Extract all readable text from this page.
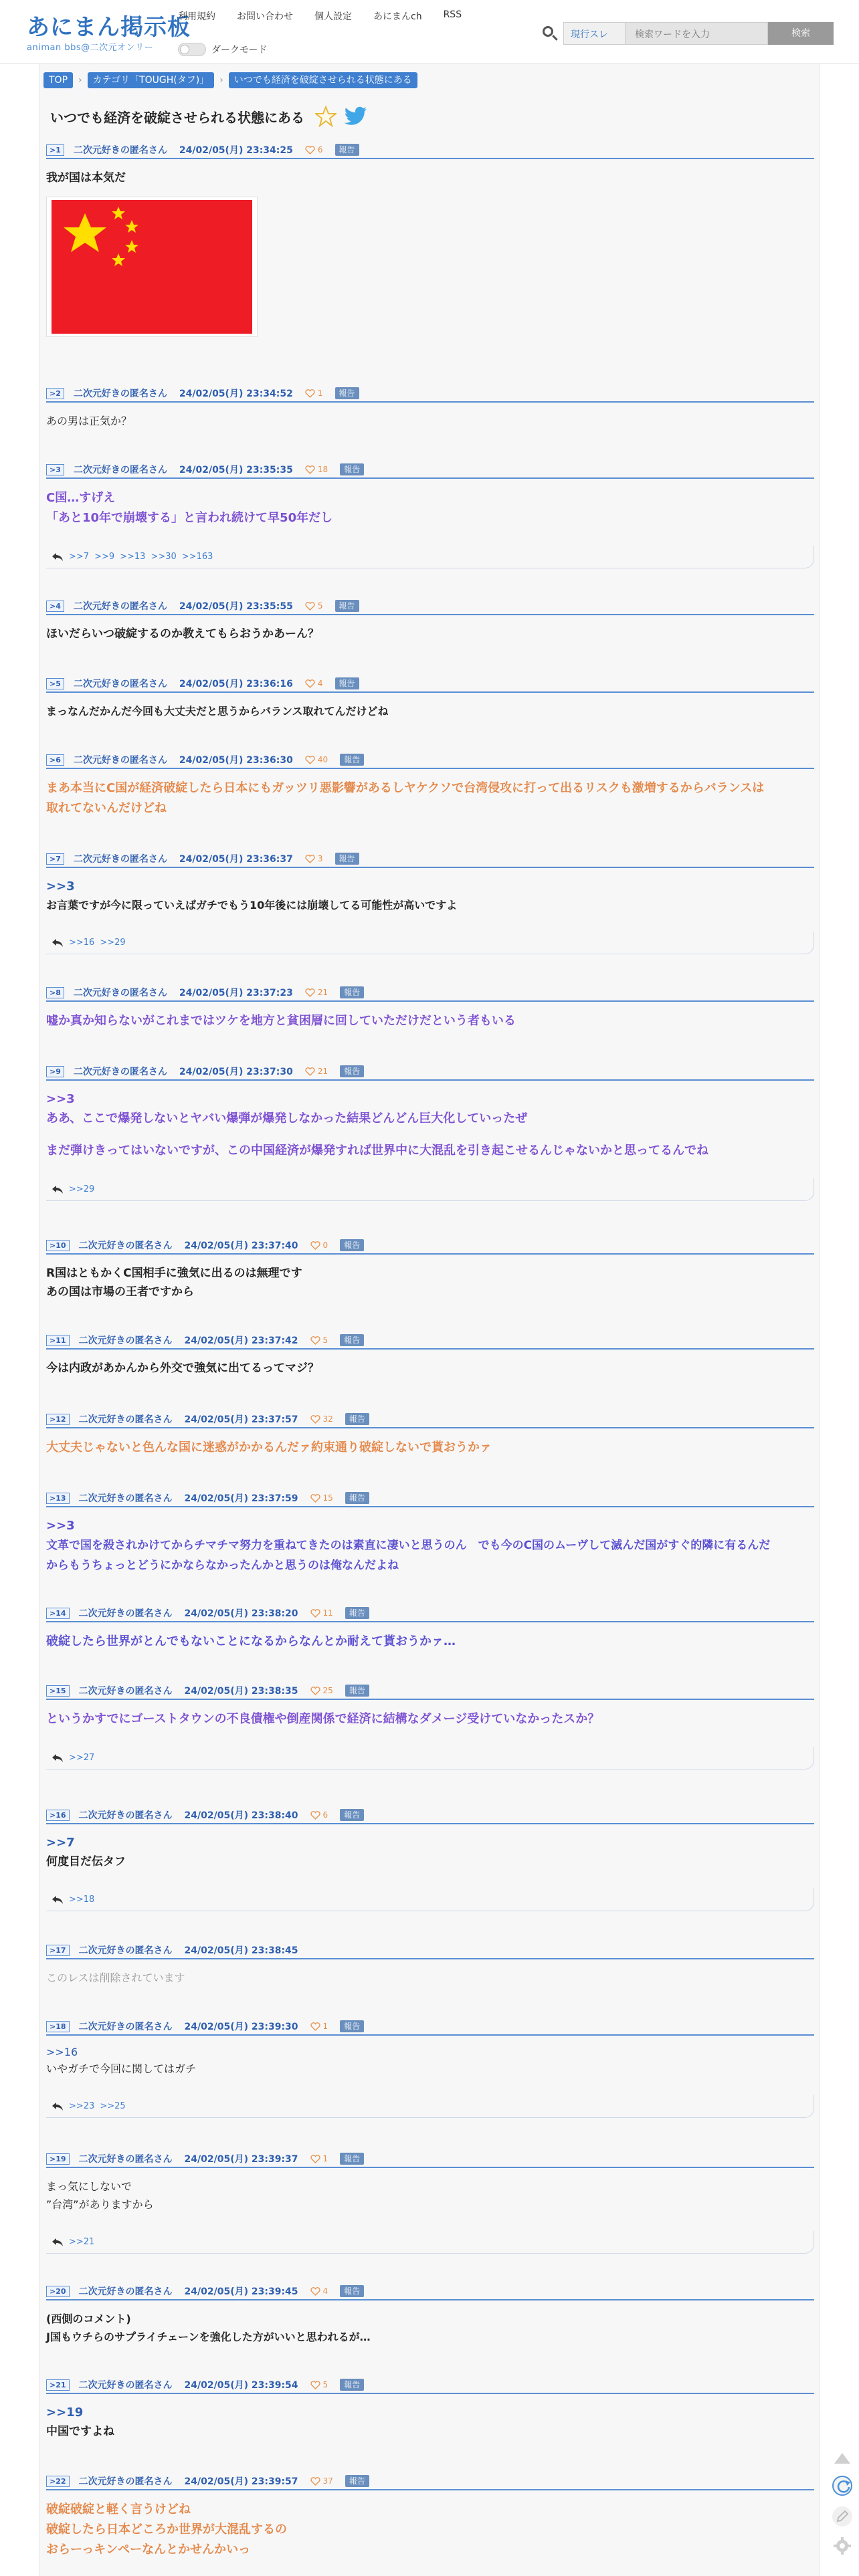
あにまん掲示板
animan bbs@二次元オンリー
利用規約 お問い合わせ 個人設定 あにまんch RSS
ダークモード
現行スレ	検索ワードを入力	検索
TOP	›	カテゴリ「TOUGH(タフ)」	›	いつでも経済を破綻させられる状態にある
いつでも経済を破綻させられる状態にある
>1	二次元好きの匿名さん 24/02/05(月) 23:34:25	6	報告
我が国は本気だ
>2	二次元好きの匿名さん 24/02/05(月) 23:34:52	1	報告
あの男は正気か？
>3	二次元好きの匿名さん 24/02/05(月) 23:35:35	18	報告
C国…すげえ
「あと10年で崩壊する」と言われ続けて早50年だし
>>7 >>9 >>13 >>30 >>163
>4	二次元好きの匿名さん 24/02/05(月) 23:35:55	5	報告
ほいだらいつ破綻するのか教えてもらおうかあーん？
>5	二次元好きの匿名さん 24/02/05(月) 23:36:16	4	報告
まっなんだかんだ今回も大丈夫だと思うからバランス取れてんだけどね
>6	二次元好きの匿名さん 24/02/05(月) 23:36:30	40	報告
まあ本当にC国が経済破綻したら日本にもガッツリ悪影響があるしヤケクソで台湾侵攻に打って出るリスクも激増するからバランスは
取れてないんだけどね
>7	二次元好きの匿名さん 24/02/05(月) 23:36:37	3	報告
>>3
お言葉ですが今に限っていえばガチでもう10年後には崩壊してる可能性が高いですよ
>>16 >>29
>8	二次元好きの匿名さん 24/02/05(月) 23:37:23	21	報告
嘘か真か知らないがこれまではツケを地方と貧困層に回していただけだという者もいる
>9	二次元好きの匿名さん 24/02/05(月) 23:37:30	21	報告
>>3
ああ、ここで爆発しないとヤバい爆弾が爆発しなかった結果どんどん巨大化していったぜ
まだ弾けきってはいないですが、この中国経済が爆発すれば世界中に大混乱を引き起こせるんじゃないかと思ってるんでね
>>29
>10	二次元好きの匿名さん 24/02/05(月) 23:37:40	0	報告
R国はともかくC国相手に強気に出るのは無理です
あの国は市場の王者ですから
>11	二次元好きの匿名さん 24/02/05(月) 23:37:42	5	報告
今は内政があかんから外交で強気に出てるってマジ？
>12	二次元好きの匿名さん 24/02/05(月) 23:37:57	32	報告
大丈夫じゃないと色んな国に迷惑がかかるんだァ約束通り破綻しないで貰おうかァ
>13	二次元好きの匿名さん 24/02/05(月) 23:37:59	15	報告
>>3
文革で国を殺されかけてからチマチマ努力を重ねてきたのは素直に凄いと思うのん　でも今のC国のムーヴして滅んだ国がすぐ的隣に有るんだ
からもうちょっとどうにかならなかったんかと思うのは俺なんだよね
>14	二次元好きの匿名さん 24/02/05(月) 23:38:20	11	報告
破綻したら世界がとんでもないことになるからなんとか耐えて貰おうかァ…
>15	二次元好きの匿名さん 24/02/05(月) 23:38:35	25	報告
というかすでにゴーストタウンの不良債権や倒産関係で経済に結構なダメージ受けていなかったスか？
>>27
>16	二次元好きの匿名さん 24/02/05(月) 23:38:40	6	報告
>>7
何度目だ伝タフ
>>18
>17	二次元好きの匿名さん 24/02/05(月) 23:38:45
このレスは削除されています
>18	二次元好きの匿名さん 24/02/05(月) 23:39:30	1	報告
>>16
いやガチで今回に関してはガチ
>>23 >>25
>19	二次元好きの匿名さん 24/02/05(月) 23:39:37	1	報告
まっ気にしないで
”台湾”がありますから
>>21
>20	二次元好きの匿名さん 24/02/05(月) 23:39:45	4	報告
(西側のコメント)
J国もウチらのサプライチェーンを強化した方がいいと思われるが…
>21	二次元好きの匿名さん 24/02/05(月) 23:39:54	5	報告
>>19
中国ですよね
>22	二次元好きの匿名さん 24/02/05(月) 23:39:57	37	報告
破綻破綻と軽く言うけどね
破綻したら日本どころか世界が大混乱するの
おらーっキンペーなんとかせんかいっ
